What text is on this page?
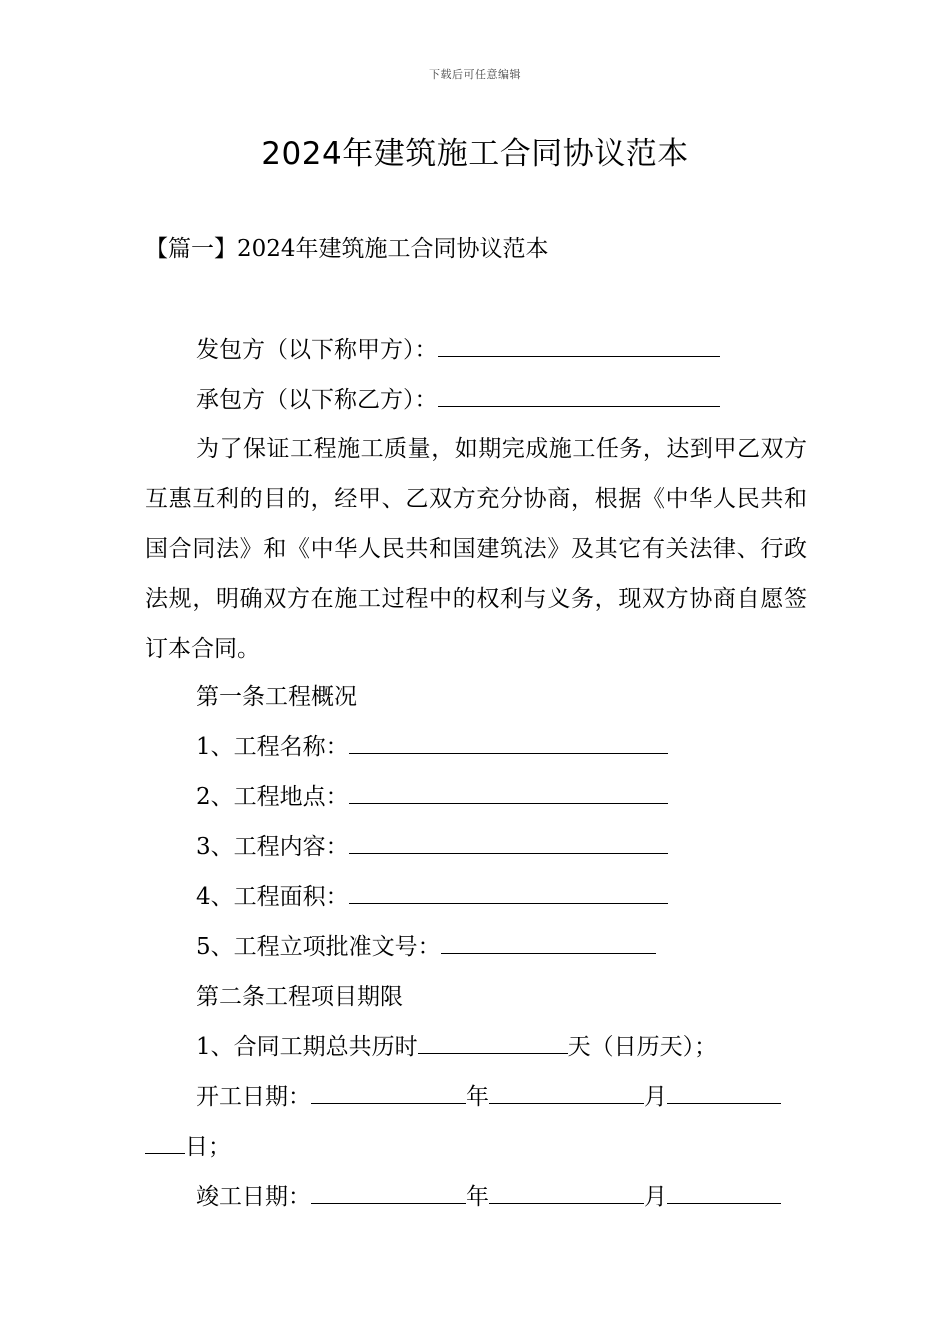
下载后可任意编辑
2024年建筑施工合同协议范本
【篇一】2024年建筑施工合同协议范本
发包方（以下称甲方）：
承包方（以下称乙方）：

为了保证工程施工质量，如期完成施工任务，达到甲乙双方互惠互利的目的，经甲、乙双方充分协商，根据《中华人民共和国合同法》和《中华人民共和国建筑法》及其它有关法律、行政法规，明确双方在施工过程中的权利与义务，现双方协商自愿签订本合同。

第一条工程概况
1、工程名称：
2、工程地点：
3、工程内容：
4、工程面积：
5、工程立项批准文号：
第二条工程项目期限
1、合同工期总共历时	天（日历天）；
开工日期：	年	月
日；
竣工日期：	年	月
